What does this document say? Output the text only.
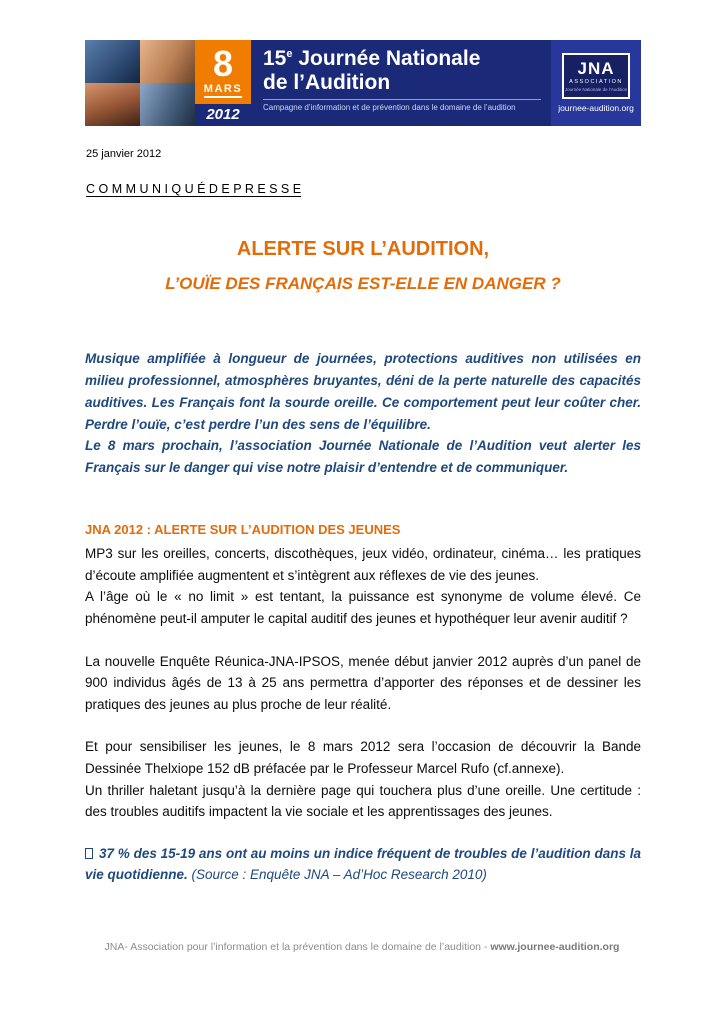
8
MARS
2012
15e Journée Nationale
de l’Audition
Campagne d’information et de prévention dans le domaine de l’audition
JNA
ASSOCIATION
Journée Nationale de l’Audition
journee-audition.org
25 janvier 2012
C O M M U N I Q U É D E P R E S S E
ALERTE SUR L’AUDITION,
L’OUÏE DES FRANÇAIS EST-ELLE EN DANGER ?

Musique amplifiée à longueur de journées, protections auditives non utilisées en milieu professionnel, atmosphères bruyantes, déni de la perte naturelle des capacités auditives. Les Français font la sourde oreille. Ce comportement peut leur coûter cher. Perdre l’ouïe, c’est perdre l’un des sens de l’équilibre.

Le 8 mars prochain, l’association Journée Nationale de l’Audition veut alerter les Français sur le danger qui vise notre plaisir d’entendre et de communiquer.

JNA 2012 : ALERTE SUR L’AUDITION DES JEUNES

MP3 sur les oreilles, concerts, discothèques, jeux vidéo, ordinateur, cinéma… les pratiques d’écoute amplifiée augmentent et s’intègrent aux réflexes de vie des jeunes.

A l’âge où le « no limit » est tentant, la puissance est synonyme de volume élevé. Ce phénomène peut-il amputer le capital auditif des jeunes et hypothéquer leur avenir auditif ?

La nouvelle Enquête Réunica-JNA-IPSOS, menée début janvier 2012 auprès d’un panel de 900 individus âgés de 13 à 25 ans permettra d’apporter des réponses et de dessiner les pratiques des jeunes au plus proche de leur réalité.

Et pour sensibiliser les jeunes, le 8 mars 2012 sera l’occasion de découvrir la Bande Dessinée Thelxiope 152 dB préfacée par le Professeur Marcel Rufo (cf.annexe).

Un thriller haletant jusqu’à la dernière page qui touchera plus d’une oreille. Une certitude : des troubles auditifs impactent la vie sociale et les apprentissages des jeunes.

37 % des 15-19 ans ont au moins un indice fréquent de troubles de l’audition dans la vie quotidienne. (Source : Enquête JNA – Ad’Hoc Research 2010)

JNA- Association pour l’information et la prévention dans le domaine de l’audition - www.journee-audition.org
